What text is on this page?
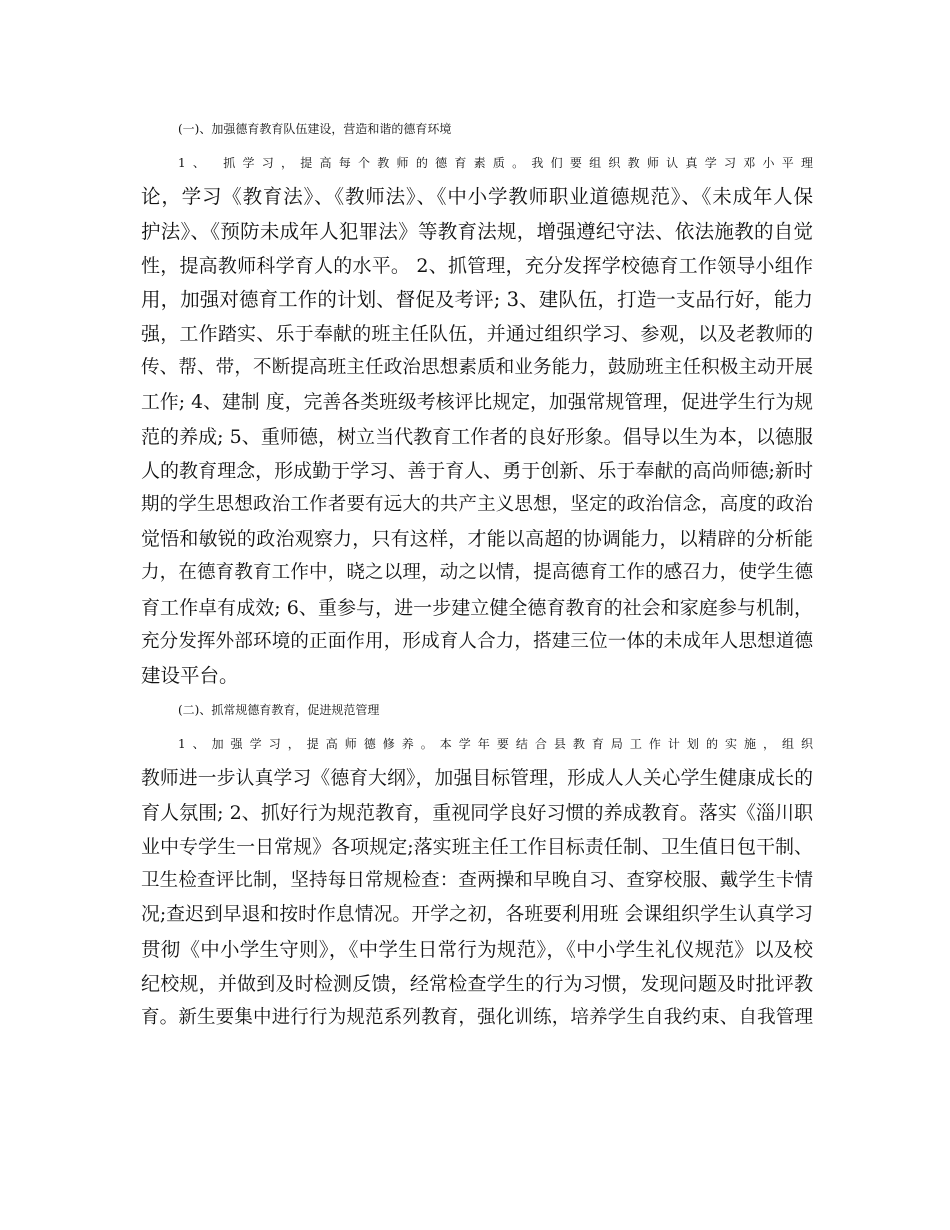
(一)、加强德育教育队伍建设，营造和谐的德育环境
1、 抓学习，提高每个教师的德育素质。我们要组织教师认真学习邓小平理
论，学习《教育法》、《教师法》、《中小学教师职业道德规范》、《未成年人保
护法》、《预防未成年人犯罪法》等教育法规，增强遵纪守法、依法施教的自觉
性，提高教师科学育人的水平。 2、抓管理，充分发挥学校德育工作领导小组作
用，加强对德育工作的计划、督促及考评; 3、建队伍，打造一支品行好，能力
强，工作踏实、乐于奉献的班主任队伍，并通过组织学习、参观，以及老教师的
传、帮、带，不断提高班主任政治思想素质和业务能力，鼓励班主任积极主动开展
工作; 4、建制 度，完善各类班级考核评比规定，加强常规管理，促进学生行为规
范的养成; 5、重师德，树立当代教育工作者的良好形象。倡导以生为本，以德服
人的教育理念，形成勤于学习、善于育人、勇于创新、乐于奉献的高尚师德;新时
期的学生思想政治工作者要有远大的共产主义思想，坚定的政治信念，高度的政治
觉悟和敏锐的政治观察力，只有这样，才能以高超的协调能力，以精辟的分析能
力，在德育教育工作中，晓之以理，动之以情，提高德育工作的感召力，使学生德
育工作卓有成效; 6、重参与，进一步建立健全德育教育的社会和家庭参与机制，
充分发挥外部环境的正面作用，形成育人合力，搭建三位一体的未成年人思想道德
建设平台。
(二)、抓常规德育教育，促进规范管理
1、加强学习，提高师德修养。本学年要结合县教育局工作计划的实施，组织
教师进一步认真学习《德育大纲》，加强目标管理，形成人人关心学生健康成长的
育人氛围; 2、抓好行为规范教育，重视同学良好习惯的养成教育。落实《淄川职
业中专学生一日常规》各项规定;落实班主任工作目标责任制、卫生值日包干制、
卫生检查评比制，坚持每日常规检查：查两操和早晚自习、查穿校服、戴学生卡情
况;查迟到早退和按时作息情况。开学之初，各班要利用班 会课组织学生认真学习
贯彻《中小学生守则》，《中学生日常行为规范》，《中小学生礼仪规范》以及校
纪校规，并做到及时检测反馈，经常检查学生的行为习惯，发现问题及时批评教
育。新生要集中进行行为规范系列教育，强化训练，培养学生自我约束、自我管理
